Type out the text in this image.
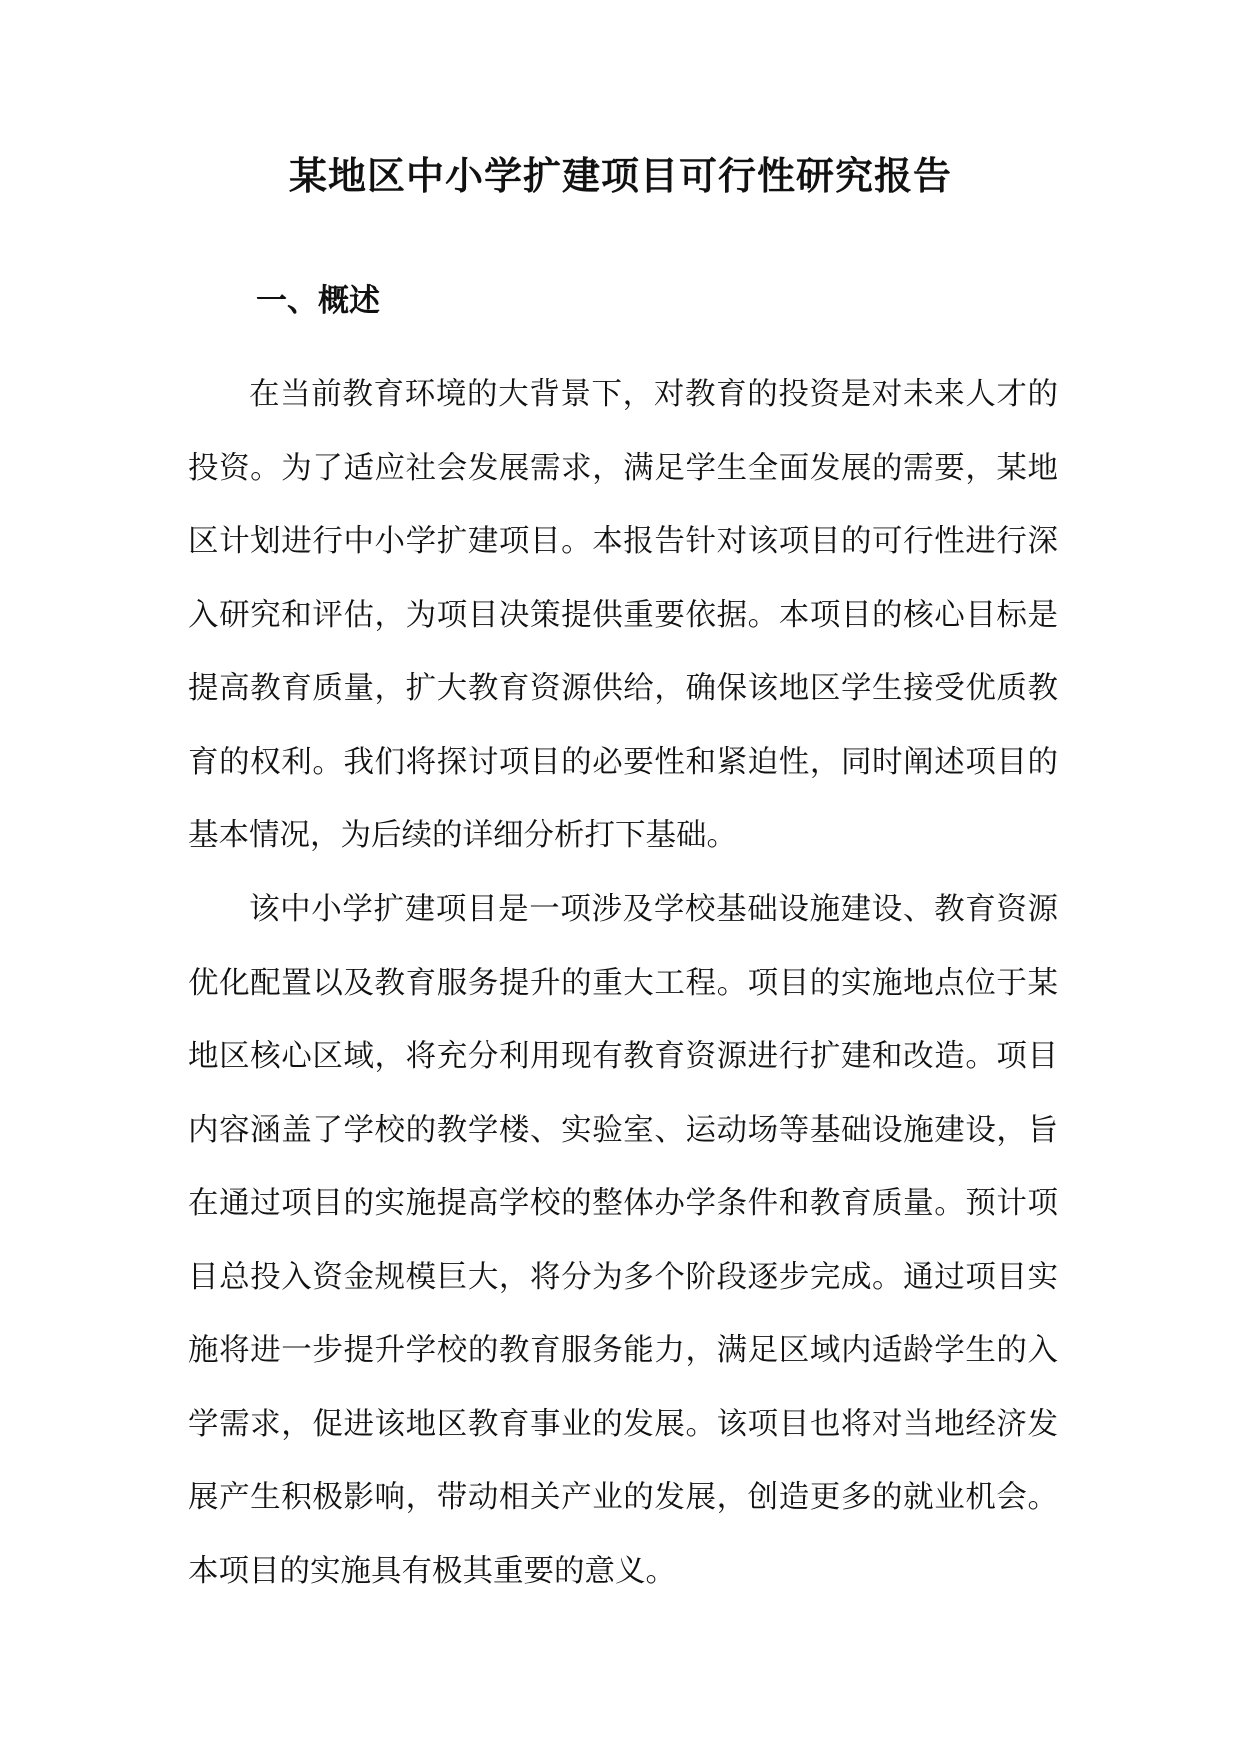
某地区中小学扩建项目可行性研究报告
一、概述

在当前教育环境的大背景下，对教育的投资是对未来人才的投资。为了适应社会发展需求，满足学生全面发展的需要，某地区计划进行中小学扩建项目。本报告针对该项目的可行性进行深入研究和评估，为项目决策提供重要依据。本项目的核心目标是提高教育质量，扩大教育资源供给，确保该地区学生接受优质教育的权利。我们将探讨项目的必要性和紧迫性，同时阐述项目的基本情况，为后续的详细分析打下基础。

该中小学扩建项目是一项涉及学校基础设施建设、教育资源优化配置以及教育服务提升的重大工程。项目的实施地点位于某地区核心区域，将充分利用现有教育资源进行扩建和改造。项目内容涵盖了学校的教学楼、实验室、运动场等基础设施建设，旨在通过项目的实施提高学校的整体办学条件和教育质量。预计项目总投入资金规模巨大，将分为多个阶段逐步完成。通过项目实施将进一步提升学校的教育服务能力，满足区域内适龄学生的入学需求，促进该地区教育事业的发展。该项目也将对当地经济发展产生积极影响，带动相关产业的发展，创造更多的就业机会。本项目的实施具有极其重要的意义。
